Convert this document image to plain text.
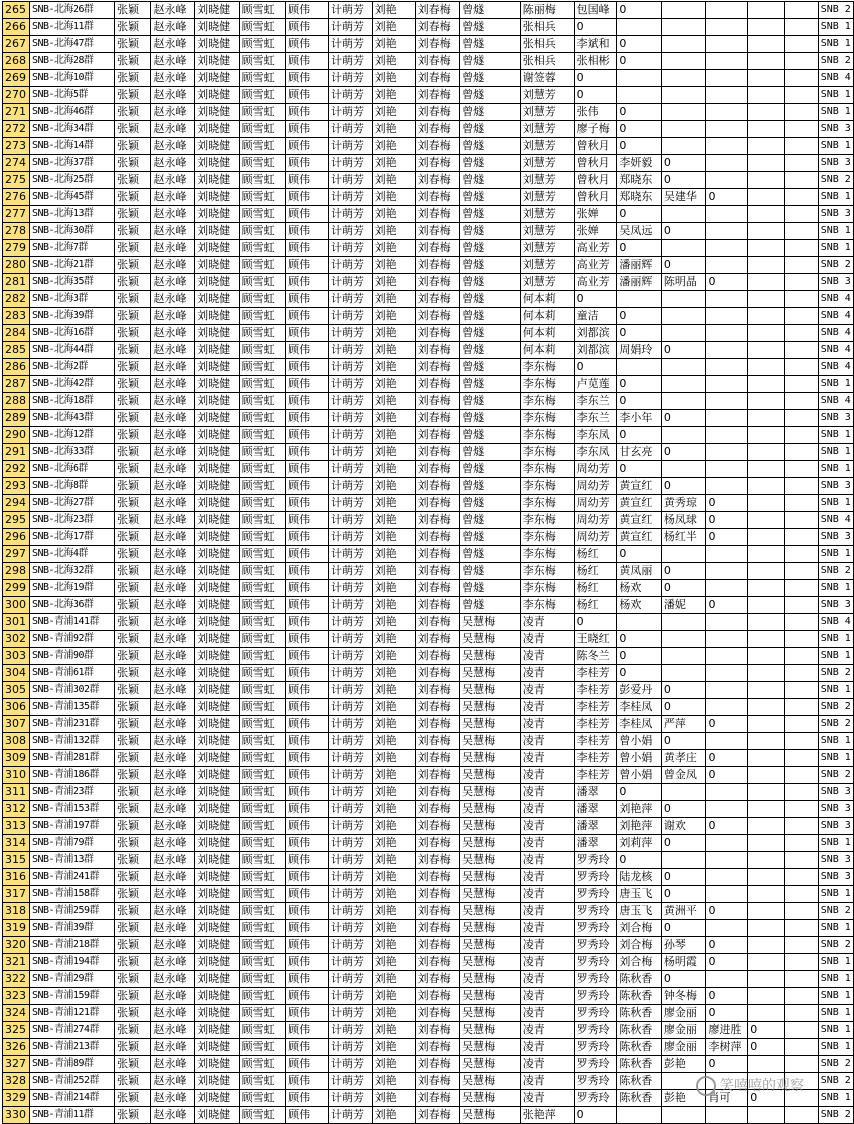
265	SNB-北海26群	张颖	赵永峰	刘晓健	顾雪虹	顾伟	计萌芳	刘艳	刘春梅	曾燧	陈丽梅	包国峰	0					SNB 2
266	SNB-北海11群	张颖	赵永峰	刘晓健	顾雪虹	顾伟	计萌芳	刘艳	刘春梅	曾燧	张相兵	0						SNB 1
267	SNB-北海47群	张颖	赵永峰	刘晓健	顾雪虹	顾伟	计萌芳	刘艳	刘春梅	曾燧	张相兵	李斌和	0					SNB 1
268	SNB-北海28群	张颖	赵永峰	刘晓健	顾雪虹	顾伟	计萌芳	刘艳	刘春梅	曾燧	张相兵	张相彬	0					SNB 2
269	SNB-北海10群	张颖	赵永峰	刘晓健	顾雪虹	顾伟	计萌芳	刘艳	刘春梅	曾燧	谢签蓉	0						SNB 4
270	SNB-北海5群	张颖	赵永峰	刘晓健	顾雪虹	顾伟	计萌芳	刘艳	刘春梅	曾燧	刘慧芳	0						SNB 1
271	SNB-北海46群	张颖	赵永峰	刘晓健	顾雪虹	顾伟	计萌芳	刘艳	刘春梅	曾燧	刘慧芳	张伟	0					SNB 1
272	SNB-北海34群	张颖	赵永峰	刘晓健	顾雪虹	顾伟	计萌芳	刘艳	刘春梅	曾燧	刘慧芳	廖子梅	0					SNB 3
273	SNB-北海14群	张颖	赵永峰	刘晓健	顾雪虹	顾伟	计萌芳	刘艳	刘春梅	曾燧	刘慧芳	曾秋月	0					SNB 1
274	SNB-北海37群	张颖	赵永峰	刘晓健	顾雪虹	顾伟	计萌芳	刘艳	刘春梅	曾燧	刘慧芳	曾秋月	李妍毅	0				SNB 3
275	SNB-北海25群	张颖	赵永峰	刘晓健	顾雪虹	顾伟	计萌芳	刘艳	刘春梅	曾燧	刘慧芳	曾秋月	郑晓东	0				SNB 2
276	SNB-北海45群	张颖	赵永峰	刘晓健	顾雪虹	顾伟	计萌芳	刘艳	刘春梅	曾燧	刘慧芳	曾秋月	郑晓东	吴建华	0			SNB 1
277	SNB-北海13群	张颖	赵永峰	刘晓健	顾雪虹	顾伟	计萌芳	刘艳	刘春梅	曾燧	刘慧芳	张婵	0					SNB 3
278	SNB-北海30群	张颖	赵永峰	刘晓健	顾雪虹	顾伟	计萌芳	刘艳	刘春梅	曾燧	刘慧芳	张婵	吴凤远	0				SNB 1
279	SNB-北海7群	张颖	赵永峰	刘晓健	顾雪虹	顾伟	计萌芳	刘艳	刘春梅	曾燧	刘慧芳	高业芳	0					SNB 1
280	SNB-北海21群	张颖	赵永峰	刘晓健	顾雪虹	顾伟	计萌芳	刘艳	刘春梅	曾燧	刘慧芳	高业芳	潘丽辉	0				SNB 2
281	SNB-北海35群	张颖	赵永峰	刘晓健	顾雪虹	顾伟	计萌芳	刘艳	刘春梅	曾燧	刘慧芳	高业芳	潘丽辉	陈明晶	0			SNB 3
282	SNB-北海3群	张颖	赵永峰	刘晓健	顾雪虹	顾伟	计萌芳	刘艳	刘春梅	曾燧	何本莉	0						SNB 4
283	SNB-北海39群	张颖	赵永峰	刘晓健	顾雪虹	顾伟	计萌芳	刘艳	刘春梅	曾燧	何本莉	童洁	0					SNB 4
284	SNB-北海16群	张颖	赵永峰	刘晓健	顾雪虹	顾伟	计萌芳	刘艳	刘春梅	曾燧	何本莉	刘都滨	0					SNB 4
285	SNB-北海44群	张颖	赵永峰	刘晓健	顾雪虹	顾伟	计萌芳	刘艳	刘春梅	曾燧	何本莉	刘都滨	周娟玲	0				SNB 4
286	SNB-北海2群	张颖	赵永峰	刘晓健	顾雪虹	顾伟	计萌芳	刘艳	刘春梅	曾燧	李东梅	0						SNB 4
287	SNB-北海42群	张颖	赵永峰	刘晓健	顾雪虹	顾伟	计萌芳	刘艳	刘春梅	曾燧	李东梅	卢苋莲	0					SNB 1
288	SNB-北海18群	张颖	赵永峰	刘晓健	顾雪虹	顾伟	计萌芳	刘艳	刘春梅	曾燧	李东梅	李东兰	0					SNB 4
289	SNB-北海43群	张颖	赵永峰	刘晓健	顾雪虹	顾伟	计萌芳	刘艳	刘春梅	曾燧	李东梅	李东兰	李小年	0				SNB 3
290	SNB-北海12群	张颖	赵永峰	刘晓健	顾雪虹	顾伟	计萌芳	刘艳	刘春梅	曾燧	李东梅	李东凤	0					SNB 1
291	SNB-北海33群	张颖	赵永峰	刘晓健	顾雪虹	顾伟	计萌芳	刘艳	刘春梅	曾燧	李东梅	李东凤	甘玄亮	0				SNB 1
292	SNB-北海6群	张颖	赵永峰	刘晓健	顾雪虹	顾伟	计萌芳	刘艳	刘春梅	曾燧	李东梅	周幼芳	0					SNB 1
293	SNB-北海8群	张颖	赵永峰	刘晓健	顾雪虹	顾伟	计萌芳	刘艳	刘春梅	曾燧	李东梅	周幼芳	黄宣红	0				SNB 3
294	SNB-北海27群	张颖	赵永峰	刘晓健	顾雪虹	顾伟	计萌芳	刘艳	刘春梅	曾燧	李东梅	周幼芳	黄宣红	黄秀琼	0			SNB 1
295	SNB-北海23群	张颖	赵永峰	刘晓健	顾雪虹	顾伟	计萌芳	刘艳	刘春梅	曾燧	李东梅	周幼芳	黄宣红	杨凤球	0			SNB 4
296	SNB-北海17群	张颖	赵永峰	刘晓健	顾雪虹	顾伟	计萌芳	刘艳	刘春梅	曾燧	李东梅	周幼芳	黄宣红	杨红半	0			SNB 3
297	SNB-北海4群	张颖	赵永峰	刘晓健	顾雪虹	顾伟	计萌芳	刘艳	刘春梅	曾燧	李东梅	杨红	0					SNB 1
298	SNB-北海32群	张颖	赵永峰	刘晓健	顾雪虹	顾伟	计萌芳	刘艳	刘春梅	曾燧	李东梅	杨红	黄凤丽	0				SNB 2
299	SNB-北海19群	张颖	赵永峰	刘晓健	顾雪虹	顾伟	计萌芳	刘艳	刘春梅	曾燧	李东梅	杨红	杨欢	0				SNB 1
300	SNB-北海36群	张颖	赵永峰	刘晓健	顾雪虹	顾伟	计萌芳	刘艳	刘春梅	曾燧	李东梅	杨红	杨欢	潘妮	0			SNB 3
301	SNB-青浦141群	张颖	赵永峰	刘晓健	顾雪虹	顾伟	计萌芳	刘艳	刘春梅	吴慧梅	凌青	0						SNB 4
302	SNB-青浦92群	张颖	赵永峰	刘晓健	顾雪虹	顾伟	计萌芳	刘艳	刘春梅	吴慧梅	凌青	王晓红	0					SNB 1
303	SNB-青浦90群	张颖	赵永峰	刘晓健	顾雪虹	顾伟	计萌芳	刘艳	刘春梅	吴慧梅	凌青	陈冬兰	0					SNB 1
304	SNB-青浦61群	张颖	赵永峰	刘晓健	顾雪虹	顾伟	计萌芳	刘艳	刘春梅	吴慧梅	凌青	李桂芳	0					SNB 2
305	SNB-青浦302群	张颖	赵永峰	刘晓健	顾雪虹	顾伟	计萌芳	刘艳	刘春梅	吴慧梅	凌青	李桂芳	彭爱丹	0				SNB 1
306	SNB-青浦135群	张颖	赵永峰	刘晓健	顾雪虹	顾伟	计萌芳	刘艳	刘春梅	吴慧梅	凌青	李桂芳	李桂凤	0				SNB 2
307	SNB-青浦231群	张颖	赵永峰	刘晓健	顾雪虹	顾伟	计萌芳	刘艳	刘春梅	吴慧梅	凌青	李桂芳	李桂凤	严萍	0			SNB 2
308	SNB-青浦132群	张颖	赵永峰	刘晓健	顾雪虹	顾伟	计萌芳	刘艳	刘春梅	吴慧梅	凌青	李桂芳	曾小娟	0				SNB 1
309	SNB-青浦281群	张颖	赵永峰	刘晓健	顾雪虹	顾伟	计萌芳	刘艳	刘春梅	吴慧梅	凌青	李桂芳	曾小娟	黄孝庄	0			SNB 1
310	SNB-青浦186群	张颖	赵永峰	刘晓健	顾雪虹	顾伟	计萌芳	刘艳	刘春梅	吴慧梅	凌青	李桂芳	曾小娟	曾金凤	0			SNB 2
311	SNB-青浦23群	张颖	赵永峰	刘晓健	顾雪虹	顾伟	计萌芳	刘艳	刘春梅	吴慧梅	凌青	潘翠	0					SNB 3
312	SNB-青浦153群	张颖	赵永峰	刘晓健	顾雪虹	顾伟	计萌芳	刘艳	刘春梅	吴慧梅	凌青	潘翠	刘艳萍	0				SNB 3
313	SNB-青浦197群	张颖	赵永峰	刘晓健	顾雪虹	顾伟	计萌芳	刘艳	刘春梅	吴慧梅	凌青	潘翠	刘艳萍	谢欢	0			SNB 3
314	SNB-青浦79群	张颖	赵永峰	刘晓健	顾雪虹	顾伟	计萌芳	刘艳	刘春梅	吴慧梅	凌青	潘翠	刘莉萍	0				SNB 1
315	SNB-青浦13群	张颖	赵永峰	刘晓健	顾雪虹	顾伟	计萌芳	刘艳	刘春梅	吴慧梅	凌青	罗秀玲	0					SNB 3
316	SNB-青浦241群	张颖	赵永峰	刘晓健	顾雪虹	顾伟	计萌芳	刘艳	刘春梅	吴慧梅	凌青	罗秀玲	陆龙核	0				SNB 3
317	SNB-青浦158群	张颖	赵永峰	刘晓健	顾雪虹	顾伟	计萌芳	刘艳	刘春梅	吴慧梅	凌青	罗秀玲	唐玉飞	0				SNB 1
318	SNB-青浦259群	张颖	赵永峰	刘晓健	顾雪虹	顾伟	计萌芳	刘艳	刘春梅	吴慧梅	凌青	罗秀玲	唐玉飞	黄洲平	0			SNB 2
319	SNB-青浦39群	张颖	赵永峰	刘晓健	顾雪虹	顾伟	计萌芳	刘艳	刘春梅	吴慧梅	凌青	罗秀玲	刘合梅	0				SNB 1
320	SNB-青浦218群	张颖	赵永峰	刘晓健	顾雪虹	顾伟	计萌芳	刘艳	刘春梅	吴慧梅	凌青	罗秀玲	刘合梅	孙琴	0			SNB 2
321	SNB-青浦194群	张颖	赵永峰	刘晓健	顾雪虹	顾伟	计萌芳	刘艳	刘春梅	吴慧梅	凌青	罗秀玲	刘合梅	杨明霞	0			SNB 1
322	SNB-青浦29群	张颖	赵永峰	刘晓健	顾雪虹	顾伟	计萌芳	刘艳	刘春梅	吴慧梅	凌青	罗秀玲	陈秋香	0				SNB 1
323	SNB-青浦159群	张颖	赵永峰	刘晓健	顾雪虹	顾伟	计萌芳	刘艳	刘春梅	吴慧梅	凌青	罗秀玲	陈秋香	钟冬梅	0			SNB 1
324	SNB-青浦121群	张颖	赵永峰	刘晓健	顾雪虹	顾伟	计萌芳	刘艳	刘春梅	吴慧梅	凌青	罗秀玲	陈秋香	廖金丽	0			SNB 1
325	SNB-青浦274群	张颖	赵永峰	刘晓健	顾雪虹	顾伟	计萌芳	刘艳	刘春梅	吴慧梅	凌青	罗秀玲	陈秋香	廖金丽	廖进胜	0		SNB 1
326	SNB-青浦213群	张颖	赵永峰	刘晓健	顾雪虹	顾伟	计萌芳	刘艳	刘春梅	吴慧梅	凌青	罗秀玲	陈秋香	廖金丽	李树萍	0		SNB 1
327	SNB-青浦89群	张颖	赵永峰	刘晓健	顾雪虹	顾伟	计萌芳	刘艳	刘春梅	吴慧梅	凌青	罗秀玲	陈秋香	彭艳	0			SNB 2
328	SNB-青浦252群	张颖	赵永峰	刘晓健	顾雪虹	顾伟	计萌芳	刘艳	刘春梅	吴慧梅	凌青	罗秀玲	陈秋香					SNB 2
329	SNB-青浦214群	张颖	赵永峰	刘晓健	顾雪虹	顾伟	计萌芳	刘艳	刘春梅	吴慧梅	凌青	罗秀玲	陈秋香	彭艳	肖可	0		SNB 1
330	SNB-青浦11群	张颖	赵永峰	刘晓健	顾雪虹	顾伟	计萌芳	刘艳	刘春梅	吴慧梅	张艳萍	0						SNB 2
笑嘻嘻的观察
